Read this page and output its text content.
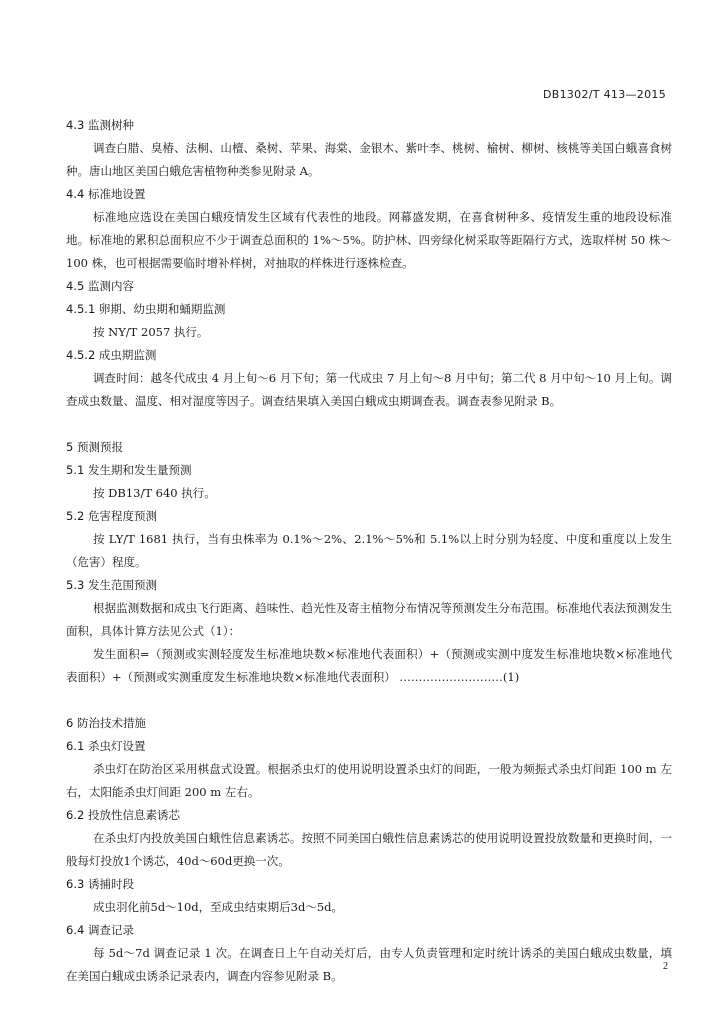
DB1302/T 413—2015
4.3 监测树种
调查白腊、臭椿、法桐、山檀、桑树、苹果、海棠、金银木、紫叶李、桃树、榆树、柳树、核桃等美国白蛾喜食树种。唐山地区美国白蛾危害植物种类参见附录 A。
4.4 标准地设置
标准地应选设在美国白蛾疫情发生区域有代表性的地段。网幕盛发期，在喜食树种多、疫情发生重的地段设标准地。标准地的累积总面积应不少于调查总面积的 1%～5%。防护林、四旁绿化树采取等距隔行方式，选取样树 50 株～100 株，也可根据需要临时增补样树，对抽取的样株进行逐株检查。
4.5 监测内容
4.5.1 卵期、幼虫期和蛹期监测
按 NY/T 2057 执行。
4.5.2 成虫期监测
调查时间：越冬代成虫 4 月上旬～6 月下旬；第一代成虫 7 月上旬～8 月中旬；第二代 8 月中旬～10 月上旬。调查成虫数量、温度、相对湿度等因子。调查结果填入美国白蛾成虫期调查表。调查表参见附录 B。
5 预测预报
5.1 发生期和发生量预测
按 DB13/T 640 执行。
5.2 危害程度预测
按 LY/T 1681 执行，当有虫株率为 0.1%～2%、2.1%～5%和 5.1%以上时分别为轻度、中度和重度以上发生（危害）程度。
5.3 发生范围预测
根据监测数据和成虫飞行距离、趋味性、趋光性及寄主植物分布情况等预测发生分布范围。标准地代表法预测发生面积，具体计算方法见公式（1）：
发生面积=（预测或实测轻度发生标准地块数×标准地代表面积）+（预测或实测中度发生标准地块数×标准地代表面积）+（预测或实测重度发生标准地块数×标准地代表面积） ………………………(1)
6 防治技术措施
6.1 杀虫灯设置
杀虫灯在防治区采用棋盘式设置。根据杀虫灯的使用说明设置杀虫灯的间距，一般为频振式杀虫灯间距 100 m 左右，太阳能杀虫灯间距 200 m 左右。
6.2 投放性信息素诱芯
在杀虫灯内投放美国白蛾性信息素诱芯。按照不同美国白蛾性信息素诱芯的使用说明设置投放数量和更换时间，一般每灯投放1个诱芯，40d～60d更换一次。
6.3 诱捕时段
成虫羽化前5d～10d，至成虫结束期后3d～5d。
6.4 调查记录
每 5d～7d 调查记录 1 次。在调查日上午自动关灯后，由专人负责管理和定时统计诱杀的美国白蛾成虫数量，填在美国白蛾成虫诱杀记录表内，调查内容参见附录 B。
2
